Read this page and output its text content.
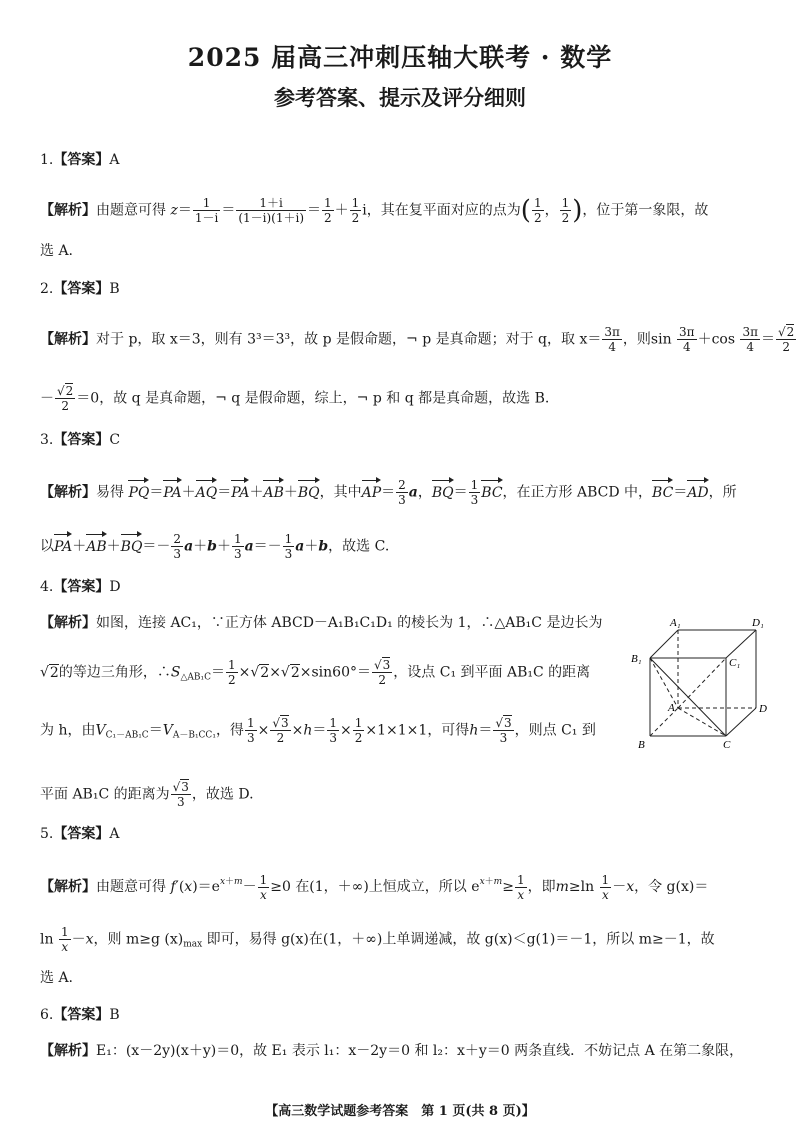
2025 届高三冲刺压轴大联考 · 数学
参考答案、提示及评分细则
1.【答案】A
【解析】由题意可得 $z= \frac{1}{1-i} = \frac{1+i}{(1-i)(1+i)} = \frac{1}{2} + \frac{1}{2}$ i，其在复平面对应的点为( $\frac{1}{2}$ ， $\frac{1}{2}$ )，位于第一象限，故
选 A.
2.【答案】B
【解析】对于 p，取 x＝3，则有 3³＝3³，故 p 是假命题，¬ p 是真命题；对于 q，取 $x= \frac{3\pi}{4}$ ，则$\sin \frac{3\pi}{4} +\cos \frac{3\pi}{4} = \frac{√2}{2}$
－ $\frac{√2}{2} =0$，故 q 是真命题，¬ q 是假命题，综上，¬ p 和 q 都是真命题，故选 B.
3.【答案】C
【解析】易得 PQ＝PA＋AQ＝PA＋AB＋BQ，其中$AP= \frac{2}{3}$ a，$BQ= \frac{1}{3}$ BC，在正方形 ABCD 中，BC＝AD，所
以$PA+AB+BQ=- \frac{2}{3} a+b+ \frac{1}{3} a=- \frac{1}{3} a+b$，故选 C.
4.【答案】D
【解析】如图，连接 AC₁，∵正方体 ABCD－A₁B₁C₁D₁ 的棱长为 1，∴△AB₁C 是边长为
√2的等边三角形，$\therefore S_{\triangle AB_1C}= \frac{1}{2} \times√2\times√2\times\sin 60^\circ= \frac{√3}{2}$ ，设点 C₁ 到平面 AB₁C 的距离
为 h，由$V_{C_1-AB_1C}=V_{A-B_1CC_1}$，得 $\frac{1}{3} \times \frac{√3}{2} \times h= \frac{1}{3} \times \frac{1}{2} \times 1\times 1\times 1$，可得$h= \frac{√3}{3}$ ，则点 C₁ 到
平面 AB₁C 的距离为 $\frac{√3}{3}$ ，故选 D.
A₁	D₁
B₁	C₁
A	D
B	C
5.【答案】A
【解析】由题意可得 $f'(x)=e^{x+m}- \frac{1}{x} \ge 0$ 在(1，＋∞)上恒成立，所以 $e^{x+m}\ge \frac{1}{x}$ ，即$m\ge\ln \frac{1}{x} -x$，令 g(x)＝
$\ln \frac{1}{x} -x$，则 m≥g $(x)_{max}$ 即可，易得 g(x)在(1，＋∞)上单调递减，故 g(x)＜g(1)＝－1，所以 m≥－1，故
选 A.
6.【答案】B
【解析】E₁：(x－2y)(x＋y)＝0，故 E₁ 表示 l₁：x－2y＝0 和 l₂：x＋y＝0 两条直线．不妨记点 A 在第二象限，
【高三数学试题参考答案　第 1 页(共 8 页)】
